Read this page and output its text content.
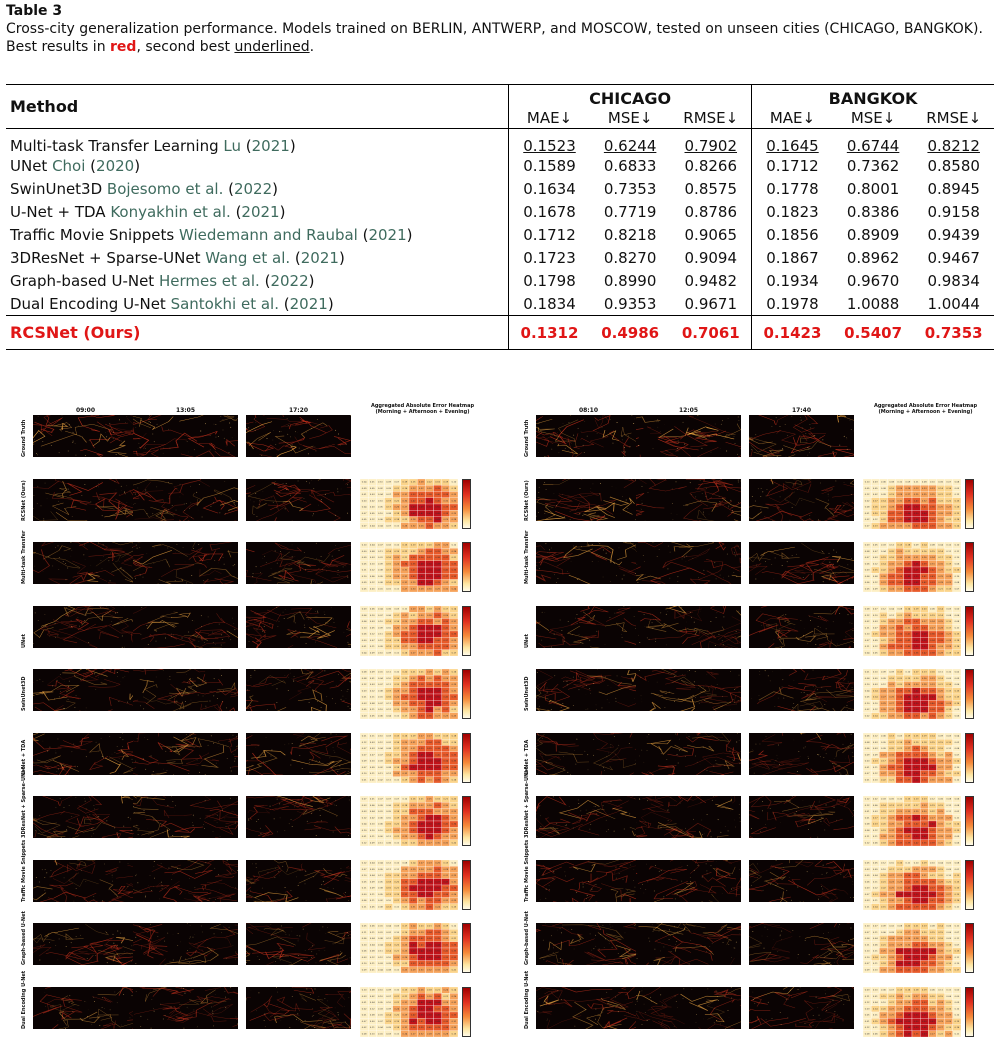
Table 3
Cross-city generalization performance. Models trained on BERLIN, ANTWERP, and MOSCOW, tested on unseen cities (CHICAGO, BANGKOK). Best results in red, second best underlined.
Method	CHICAGO			BANGKOK		
	MAE↓	MSE↓	RMSE↓	MAE↓	MSE↓	RMSE↓
Multi-task Transfer Learning Lu (2021)	0.1523	0.6244	0.7902	0.1645	0.6744	0.8212
UNet Choi (2020)	0.1589	0.6833	0.8266	0.1712	0.7362	0.8580
SwinUnet3D Bojesomo et al. (2022)	0.1634	0.7353	0.8575	0.1778	0.8001	0.8945
U-Net + TDA Konyakhin et al. (2021)	0.1678	0.7719	0.8786	0.1823	0.8386	0.9158
Traffic Movie Snippets Wiedemann and Raubal (2021)	0.1712	0.8218	0.9065	0.1856	0.8909	0.9439
3DResNet + Sparse-UNet Wang et al. (2021)	0.1723	0.8270	0.9094	0.1867	0.8962	0.9467
Graph-based U-Net Hermes et al. (2022)	0.1798	0.8990	0.9482	0.1934	0.9670	0.9834
Dual Encoding U-Net Santokhi et al. (2021)	0.1834	0.9353	0.9671	0.1978	1.0088	1.0044
RCSNet (Ours)	0.1312	0.4986	0.7061	0.1423	0.5407	0.7353
09:00	13:05	17:20
Aggregated Absolute Error Heatmap (Morning + Afternoon + Evening)
Ground Truth
RCSNet (Ours)	0.04	0.01	0.10	0.09	0.07	0.19	0.15	0.28	0.22 0.16	0.19	0.10
0.09	0.05	0.02 0.09	0.21	0.16	0.23	0.32 0.30	0.35	0.32 0.18
0.01	0.03	0.04	0.07	0.23	0.31	0.33	0.35	0.38	0.40	0.38	0.23
0.00	0.02 0.10	0.19	0.22 0.32 0.42 0.42 0.43	0.40	0.32 0.30
0.04	0.00	0.05	0.17	0.26	0.27	0.43	0.49	0.50	0.50	0.33	0.37
0.07	0.05	0.10	0.08	0.18	0.25	0.43	0.47	0.47	0.46	0.38	0.25
0.05	0.12 0.06	0.15	0.18	0.22 0.28	0.36	0.38	0.43	0.29	0.28
0.07	0.04	0.04	0.07	0.11	0.26	0.32 0.26	0.34	0.31	0.29	0.18
Multi-task Transfer	0.10	0.04	0.07	0.02 0.12 0.15	0.13	0.21	0.20	0.26	0.25	0.12
0.00	0.08	0.11	0.14	0.19	0.22 0.22 0.25	0.34	0.35	0.29	0.24
0.09	0.03	0.01	0.16	0.25	0.21	0.39	0.36	0.37	0.36	0.37	0.21
0.05	0.10	0.09	0.15	0.24	0.34	0.35	0.49	0.50	0.49	0.42 0.35
0.11	0.12 0.08	0.17	0.25	0.31	0.41	0.47	0.50	0.44	0.40	0.36
0.10	0.06	0.05	0.18	0.24	0.31	0.40	0.45	0.50	0.49	0.37	0.33
0.09	0.12 0.08	0.14	0.16	0.31	0.29	0.43	0.44	0.39	0.32 0.22
0.05	0.00	0.01	0.01	0.11	0.27	0.30	0.28	0.30	0.25	0.32 0.24
UNet
0.03	0.06	0.04	0.06	0.05	0.11	0.23	0.28	0.18	0.24	0.17	0.14
0.04	0.10	0.07	0.06	0.17	0.27	0.21	0.30	0.26	0.35	0.26	0.17
0.04	0.03	0.10	0.14	0.14	0.25	0.32 0.37	0.37	0.32 0.35	0.31
0.10	0.05	0.09	0.10	0.26	0.24	0.40	0.44	0.47	0.46	0.40	0.26
0.06	0.12 0.11	0.16	0.25	0.34	0.39	0.44	0.50	0.48	0.34	0.36
0.00	0.07	0.12 0.14	0.18	0.36	0.37	0.43	0.46	0.40	0.37	0.29
0.01	0.11	0.09	0.13	0.15	0.27	0.30	0.39	0.38	0.36	0.34	0.28
0.04	0.09	0.10	0.09	0.11	0.16	0.27	0.31	0.26	0.33	0.22 0.17
SwinUnet3D
0.08	0.09	0.01	0.11	0.10	0.20	0.21	0.21	0.29	0.21	0.23	0.16
0.08	0.01	0.04	0.10	0.16	0.20	0.32 0.35	0.30	0.35	0.24	0.23
0.12 0.03	0.07	0.11	0.15	0.28	0.38	0.38	0.36	0.40	0.34	0.29
0.03	0.12 0.08	0.19	0.28	0.27	0.33	0.50	0.43	0.43	0.37	0.31
0.01	0.11	0.01	0.16	0.24	0.37	0.38	0.50	0.50	0.50	0.40	0.35
0.03	0.08	0.07	0.11	0.24	0.29	0.34	0.40	0.50	0.44	0.37	0.25
0.05	0.11	0.10	0.12 0.13	0.23	0.30	0.34	0.45	0.32 0.37	0.22
0.03	0.05	0.06	0.04	0.11	0.17	0.25	0.33	0.35	0.27	0.25	0.23
U-Net + TDA
0.01	0.11	0.10	0.03	0.15	0.16	0.19	0.27	0.27	0.19	0.15	0.18
0.12 0.03	0.12 0.02 0.14	0.25	0.31	0.27	0.34	0.35	0.21	0.16
0.07	0.03	0.04	0.08	0.17	0.31	0.31	0.39	0.35	0.36	0.33	0.27
0.07	0.07	0.07	0.14	0.17	0.30	0.39	0.45	0.50	0.40	0.35	0.35
0.09	0.10	0.03	0.15	0.23	0.28	0.36	0.50	0.50	0.43	0.34	0.35
0.07	0.09	0.02 0.08	0.18	0.34	0.43	0.50	0.45	0.47	0.36	0.34
0.10	0.11	0.11	0.12 0.24	0.32 0.31	0.41	0.39	0.41	0.27	0.29
0.01	0.01	0.02 0.11	0.11	0.19	0.23	0.35	0.31	0.35	0.28	0.16
3DResNet + Sparse-UNet	0.07	0.01	0.07	0.07	0.07	0.12 0.16	0.21	0.25	0.16	0.21	0.20
0.03	0.06	0.09	0.06	0.13	0.18	0.30	0.32 0.26	0.35	0.30	0.21
0.03	0.04	0.01	0.05	0.18	0.22 0.37	0.40	0.35	0.31	0.32 0.25
0.12 0.02 0.06	0.10	0.19	0.32 0.32 0.39	0.48	0.50	0.33	0.27
0.04	0.10	0.06	0.15	0.22 0.31	0.34	0.49	0.50	0.46	0.40	0.34
0.10	0.10	0.10	0.17	0.25	0.27	0.40	0.48	0.50	0.50	0.36	0.30
0.01	0.11	0.00	0.11	0.22 0.29	0.32 0.37	0.45	0.37	0.30	0.23
0.12 0.09	0.11	0.06	0.11	0.20	0.21	0.25	0.27	0.30	0.31	0.22
Traffic Movie Snippets	0.12 0.04	0.04	0.12 0.12 0.08	0.14	0.27	0.23	0.26	0.13	0.10
0.07	0.09	0.05	0.11	0.11	0.23	0.29	0.24	0.30	0.35	0.28	0.27
0.10	0.04	0.11	0.15	0.19	0.25	0.30	0.41	0.34	0.40	0.31	0.23
0.05	0.09	0.05	0.18	0.20	0.35	0.37	0.46	0.44	0.47	0.43	0.31
0.11	0.09	0.08	0.15	0.21	0.35	0.45	0.46	0.50	0.50	0.34	0.34
0.00	0.11	0.05	0.13	0.19	0.33	0.37	0.46	0.44	0.42 0.36	0.26
0.06	0.11	0.02 0.10	0.21	0.25	0.33	0.32 0.39	0.34	0.32 0.29
0.11	0.05	0.08	0.13	0.11	0.21	0.31	0.28	0.36	0.24	0.22 0.15
Graph-based U-Net	0.05	0.06	0.01	0.04	0.05	0.17	0.24	0.20	0.21	0.24	0.19	0.12
0.11	0.11	0.01	0.02 0.10	0.16	0.28	0.29	0.34	0.35	0.25	0.20
0.06	0.04	0.08	0.12 0.21	0.28	0.36	0.42 0.34	0.35	0.30	0.21
0.10	0.04	0.04	0.14	0.22 0.25	0.43	0.40	0.50	0.44	0.41	0.36
0.06	0.08	0.11	0.14	0.21	0.25	0.44	0.44	0.50	0.50	0.40	0.33
0.03	0.12 0.12 0.10	0.25	0.26	0.33	0.43	0.50	0.45	0.35	0.35
0.10	0.11	0.03	0.09	0.19	0.22 0.33	0.39	0.33	0.42 0.35	0.23
0.09	0.01	0.04	0.08	0.11	0.23	0.29	0.30	0.32 0.32 0.25	0.21
Dual Encoding U-Net	0.10	0.08	0.10	0.09	0.10	0.13	0.22 0.26	0.18	0.21	0.24	0.14
0.03	0.02 0.10	0.07	0.21	0.21	0.27	0.34	0.26	0.36	0.22 0.26
0.01	0.04	0.05	0.10	0.22 0.31	0.29	0.43	0.46	0.44	0.28	0.32
0.02 0.12 0.03	0.09	0.24	0.27	0.36	0.47	0.48	0.41	0.39	0.27
0.01	0.08	0.01	0.14	0.20	0.29	0.42 0.50	0.50	0.45	0.34	0.33
0.07	0.00	0.07	0.19	0.19	0.31	0.43	0.41	0.43	0.49	0.35	0.31
0.02 0.11	0.04	0.09	0.18	0.31	0.34	0.35	0.40	0.39	0.38	0.30
0.08	0.10	0.01	0.03	0.11	0.24	0.27	0.32 0.28	0.26	0.28	0.15
08:10	12:05	17:40
Aggregated Absolute Error Heatmap (Morning + Afternoon + Evening)
Ground Truth
RCSNet (Ours)	0.10	0.03	0.06	0.08	0.10	0.09	0.11	0.08	0.10	0.06	0.07	0.08
0.05	0.05	0.08	0.16	0.24	0.28	0.23	0.23	0.23	0.14	0.14	0.05
0.12 0.02 0.09	0.19	0.28	0.27	0.25	0.25	0.25	0.21	0.17	0.12
0.02 0.17	0.14	0.24	0.30	0.39	0.40	0.32 0.35	0.22 0.22 0.15
0.08	0.16	0.19	0.28	0.36	0.47	0.50	0.41	0.36	0.25	0.23	0.16
0.01	0.20	0.19	0.37	0.42 0.44	0.50	0.44	0.35	0.26	0.29	0.13
0.02 0.12 0.22 0.34	0.41	0.48	0.48	0.47	0.39	0.31	0.22 0.14
0.07	0.13	0.23	0.29	0.32 0.32 0.40	0.37	0.33	0.26	0.25	0.14
Multi-task Transfer	0.03	0.05	0.03	0.12 0.15	0.18	0.09	0.14	0.08	0.04	0.12 0.10
0.08	0.07	0.04	0.20	0.23	0.21	0.22 0.16	0.15	0.14	0.11	0.11
0.07	0.03	0.19	0.16	0.30	0.30	0.31	0.26	0.24	0.17	0.16	0.10
0.06	0.12 0.14	0.32 0.31	0.41	0.46	0.39	0.31	0.31	0.19	0.06
0.03	0.15	0.22 0.27	0.35	0.50	0.49	0.50	0.42 0.29	0.17	0.16
0.04	0.08	0.26	0.33	0.36	0.49	0.50	0.42 0.41	0.29	0.28	0.10
0.06	0.12 0.23	0.33	0.40	0.44	0.49	0.42 0.33	0.28	0.25	0.08
0.05	0.09	0.20	0.24	0.32 0.33	0.38	0.39	0.29	0.21	0.15	0.07
UNet
0.08	0.07	0.12 0.04	0.08	0.14	0.19	0.20	0.06	0.14	0.05	0.00
0.12 0.10	0.13	0.12 0.21	0.26	0.21	0.21	0.19	0.14	0.08	0.04
0.02 0.03	0.16	0.26	0.31	0.33	0.37	0.27	0.24	0.25	0.15	0.08
0.11	0.07	0.25	0.28	0.33	0.31	0.39	0.33	0.27	0.28	0.17	0.11
0.10	0.15	0.24	0.27	0.34	0.41	0.47	0.48	0.36	0.33	0.23	0.15
0.07	0.09	0.21	0.30	0.42 0.42 0.50	0.50	0.34	0.33	0.28	0.18
0.11	0.12 0.24	0.33	0.38	0.40	0.50	0.50	0.40	0.24	0.28	0.14
0.04	0.05	0.16	0.31	0.32 0.35	0.36	0.42 0.38	0.28	0.18	0.13
SwinUnet3D
0.01	0.10	0.09	0.09	0.13	0.10	0.17	0.13	0.16	0.11	0.10	0.02
0.04	0.00	0.09	0.16	0.20	0.19	0.20	0.26	0.23	0.14	0.05	0.09
0.10	0.03	0.12 0.23	0.20	0.24	0.30	0.28	0.23	0.21	0.14	0.06
0.04	0.14	0.24	0.24	0.35	0.34	0.44	0.40	0.35	0.25	0.15	0.15
0.05	0.14	0.27	0.26	0.34	0.44	0.45	0.45	0.43	0.24	0.17	0.15
0.10	0.10	0.29	0.27	0.36	0.48	0.50	0.50	0.40	0.36	0.28	0.14
0.02 0.12 0.26	0.32 0.37	0.49	0.50	0.45	0.34	0.33	0.18	0.09
0.02 0.14	0.13	0.26	0.32 0.36	0.33	0.31	0.34	0.23	0.21	0.06
U-Net + TDA
0.06	0.12 0.06	0.13	0.05	0.19	0.15	0.19	0.14	0.09	0.03	0.04
0.08	0.03	0.05	0.21	0.18	0.24	0.19	0.18	0.15	0.15	0.15	0.02
0.06	0.03	0.09	0.20	0.22 0.27	0.36	0.29	0.22 0.16	0.12 0.04
0.09	0.09	0.23	0.32 0.37	0.37	0.37	0.34	0.31	0.22 0.25	0.07
0.00	0.13	0.17	0.26	0.33	0.47	0.44	0.43	0.36	0.28	0.23	0.14
0.01	0.11	0.24	0.36	0.42 0.50	0.50	0.47	0.45	0.27	0.27	0.10
0.07	0.12 0.27	0.31	0.35	0.46	0.50	0.40	0.40	0.29	0.21	0.15
0.01	0.10	0.22 0.21	0.33	0.37	0.44	0.34	0.30	0.30	0.24	0.12
3DResNet + Sparse-UNet	0.12 0.02 0.03	0.05	0.10	0.15	0.13	0.13	0.12 0.06	0.08	0.06
0.12 0.06	0.14	0.13	0.17	0.17	0.17	0.23	0.19	0.15	0.12 0.08
0.01	0.03	0.19	0.17	0.23	0.30	0.29	0.30	0.22 0.25	0.11	0.02
0.01	0.17	0.22 0.27	0.38	0.39	0.43	0.41	0.27	0.32 0.23	0.11
0.08	0.13	0.20	0.26	0.32 0.38	0.42 0.40	0.43	0.31	0.17	0.14
0.04	0.12 0.19	0.32 0.36	0.46	0.50	0.45	0.39	0.31	0.27	0.19
0.11	0.11	0.28	0.30	0.33	0.42 0.50	0.48	0.34	0.26	0.23	0.09
0.12 0.06	0.18	0.28	0.33	0.39	0.42 0.36	0.39	0.25	0.15	0.06
Traffic Movie Snippets	0.05	0.05	0.12 0.10	0.16	0.11	0.10	0.19	0.10	0.04	0.01	0.08
0.03	0.09	0.10	0.17	0.15	0.22 0.29	0.28	0.24	0.15	0.09	0.01
0.09	0.04	0.16	0.27	0.25	0.34	0.35	0.31	0.21	0.20	0.10	0.13
0.06	0.11	0.21	0.23	0.28	0.42 0.36	0.36	0.36	0.29	0.20	0.15
0.03	0.12 0.22 0.25	0.31	0.42 0.50	0.50	0.37	0.35	0.23	0.13
0.07	0.13	0.26	0.29	0.43	0.50	0.50	0.43	0.44	0.34	0.27	0.15
0.03	0.11	0.17	0.30	0.32 0.39	0.50	0.43	0.41	0.34	0.26	0.16
0.11	0.14	0.15	0.23	0.33	0.40	0.39	0.39	0.35	0.32 0.17	0.11
Graph-based U-Net	0.10	0.07	0.09	0.02 0.08	0.20	0.21	0.13	0.08	0.14	0.06	0.11
0.07	0.11	0.06	0.09	0.13	0.27	0.28	0.20	0.15	0.15	0.06	0.07
0.04	0.04	0.13	0.24	0.26	0.24	0.28	0.32 0.21	0.16	0.09	0.11
0.11	0.06	0.21	0.31	0.29	0.32 0.41	0.42 0.32 0.26	0.18	0.07
0.10	0.11	0.25	0.25	0.43	0.45	0.50	0.47	0.43	0.26	0.17	0.13
0.10	0.14	0.21	0.26	0.37	0.44	0.50	0.50	0.38	0.25	0.26	0.11
0.07	0.11	0.18	0.29	0.43	0.48	0.50	0.38	0.35	0.31	0.16	0.10
0.09	0.10	0.24	0.30	0.33	0.41	0.37	0.41	0.31	0.27	0.20	0.17
Dual Encoding U-Net	0.03	0.10	0.06	0.07	0.13	0.16	0.18	0.19	0.06	0.11	0.11	0.00
0.11	0.01	0.15	0.13	0.24	0.20	0.27	0.25	0.20	0.15	0.04	0.00
0.12 0.04	0.10	0.21	0.28	0.28	0.33	0.33	0.20	0.24	0.20	0.09
0.03	0.14	0.20	0.27	0.31	0.34	0.34	0.37	0.28	0.23	0.16	0.12
0.05	0.11	0.28	0.25	0.42 0.48	0.50	0.45	0.37	0.30	0.23	0.12
0.01	0.15	0.29	0.35	0.43	0.50	0.50	0.50	0.43	0.29	0.26	0.19
0.12 0.11	0.19	0.28	0.41	0.44	0.50	0.46	0.41	0.27	0.19	0.16
0.08	0.06	0.20	0.25	0.33	0.43	0.35	0.43	0.27	0.22 0.23	0.11
